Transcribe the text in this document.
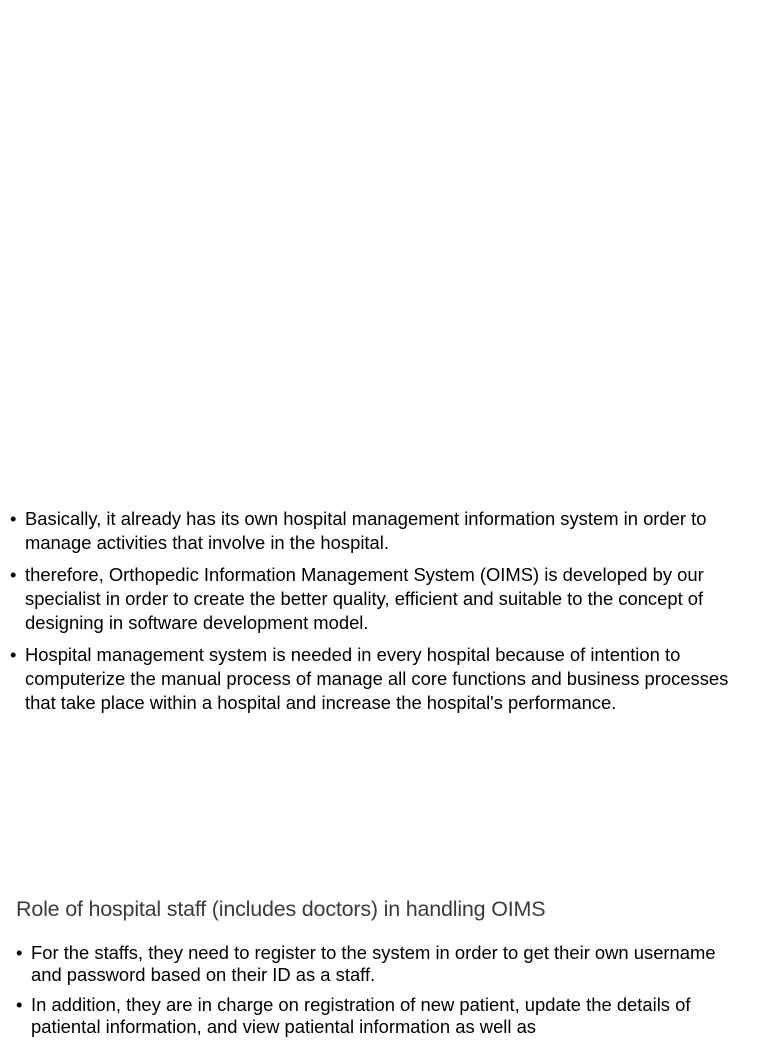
• Basically, it already has its own hospital management information system in order to manage activities that involve in the hospital.
• therefore, Orthopedic Information Management System (OIMS) is developed by our specialist in order to create the better quality, efficient and suitable to the concept of designing in software development model.
• Hospital management system is needed in every hospital because of intention to computerize the manual process of manage all core functions and business processes that take place within a hospital and increase the hospital's performance.
Role of hospital staff (includes doctors) in handling OIMS
• For the staffs, they need to register to the system in order to get their own username and password based on their ID as a staff.
• In addition, they are in charge on registration of new patient, update the details of patiental information, and view patiental information as well as
